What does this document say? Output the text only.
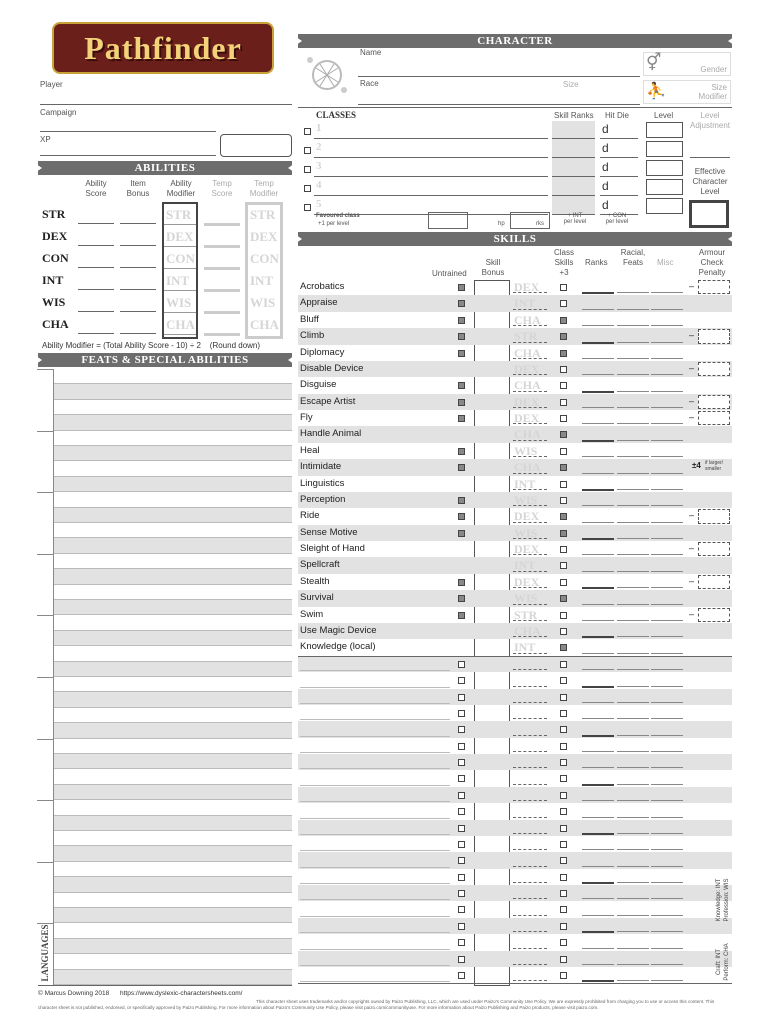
Pathfinder
Player
Campaign
XP
CHARACTER
Name
Race	Size
⚥	Gender
⛹	Size Modifier
CLASSES	Skill Ranks Hit Die	Level	Level Adjustment
1	d
2	d
3	d
4	d
5	d
Effective Character Level
Favoured class
+1 per level	hp	rks
+ INT
per level
+ CON
per level
ABILITIES
Ability Score
Item Bonus
Ability Modifier
Temp Score
Temp Modifier
STR	STR	STR
DEX	DEX	DEX
CON	CON	CON
INT	INT	INT
WIS	WIS	WIS
CHA	CHA	CHA
Ability Modifier = (Total Ability Score - 10) ÷ 2    (Round down)
FEATS & SPECIAL ABILITIES
LANGUAGES
SKILLS
Untrained
Skill Bonus
Class Skills +3
Ranks
Racial, Feats	Misc
Armour Check Penalty
Acrobatics	DEX	–
Appraise	INT
Bluff	CHA
Climb	STR	–
Diplomacy	CHA
Disable Device	DEX	–
Disguise	CHA
Escape Artist	DEX	–
Fly	DEX	–
Handle Animal	CHA
Heal	WIS
Intimidate	CHA	±4 if larger/ smaller
Linguistics	INT
Perception	WIS
Ride	DEX	–
Sense Motive	WIS
Sleight of Hand	DEX	–
Spellcraft	INT
Stealth	DEX	–
Survival	WIS
Swim	STR	–
Use Magic Device	CHA
Knowledge (local)	INT
Knowledge: INT Profession: WIS
Craft: INT Perform: CHA
© Marcus Downing 2018 https://www.dyslexic-charactersheets.com/
This character sheet uses trademarks and/or copyrights owned by Paizo Publishing, LLC, which are used under Paizo's Community Use Policy. We are expressly prohibited from charging you to use or access this content. This character sheet is not published, endorsed, or specifically approved by Paizo Publishing. For more information about Paizo's Community Use Policy, please visit paizo.com/communityuse. For more information about Paizo Publishing and Paizo products, please visit paizo.com.
